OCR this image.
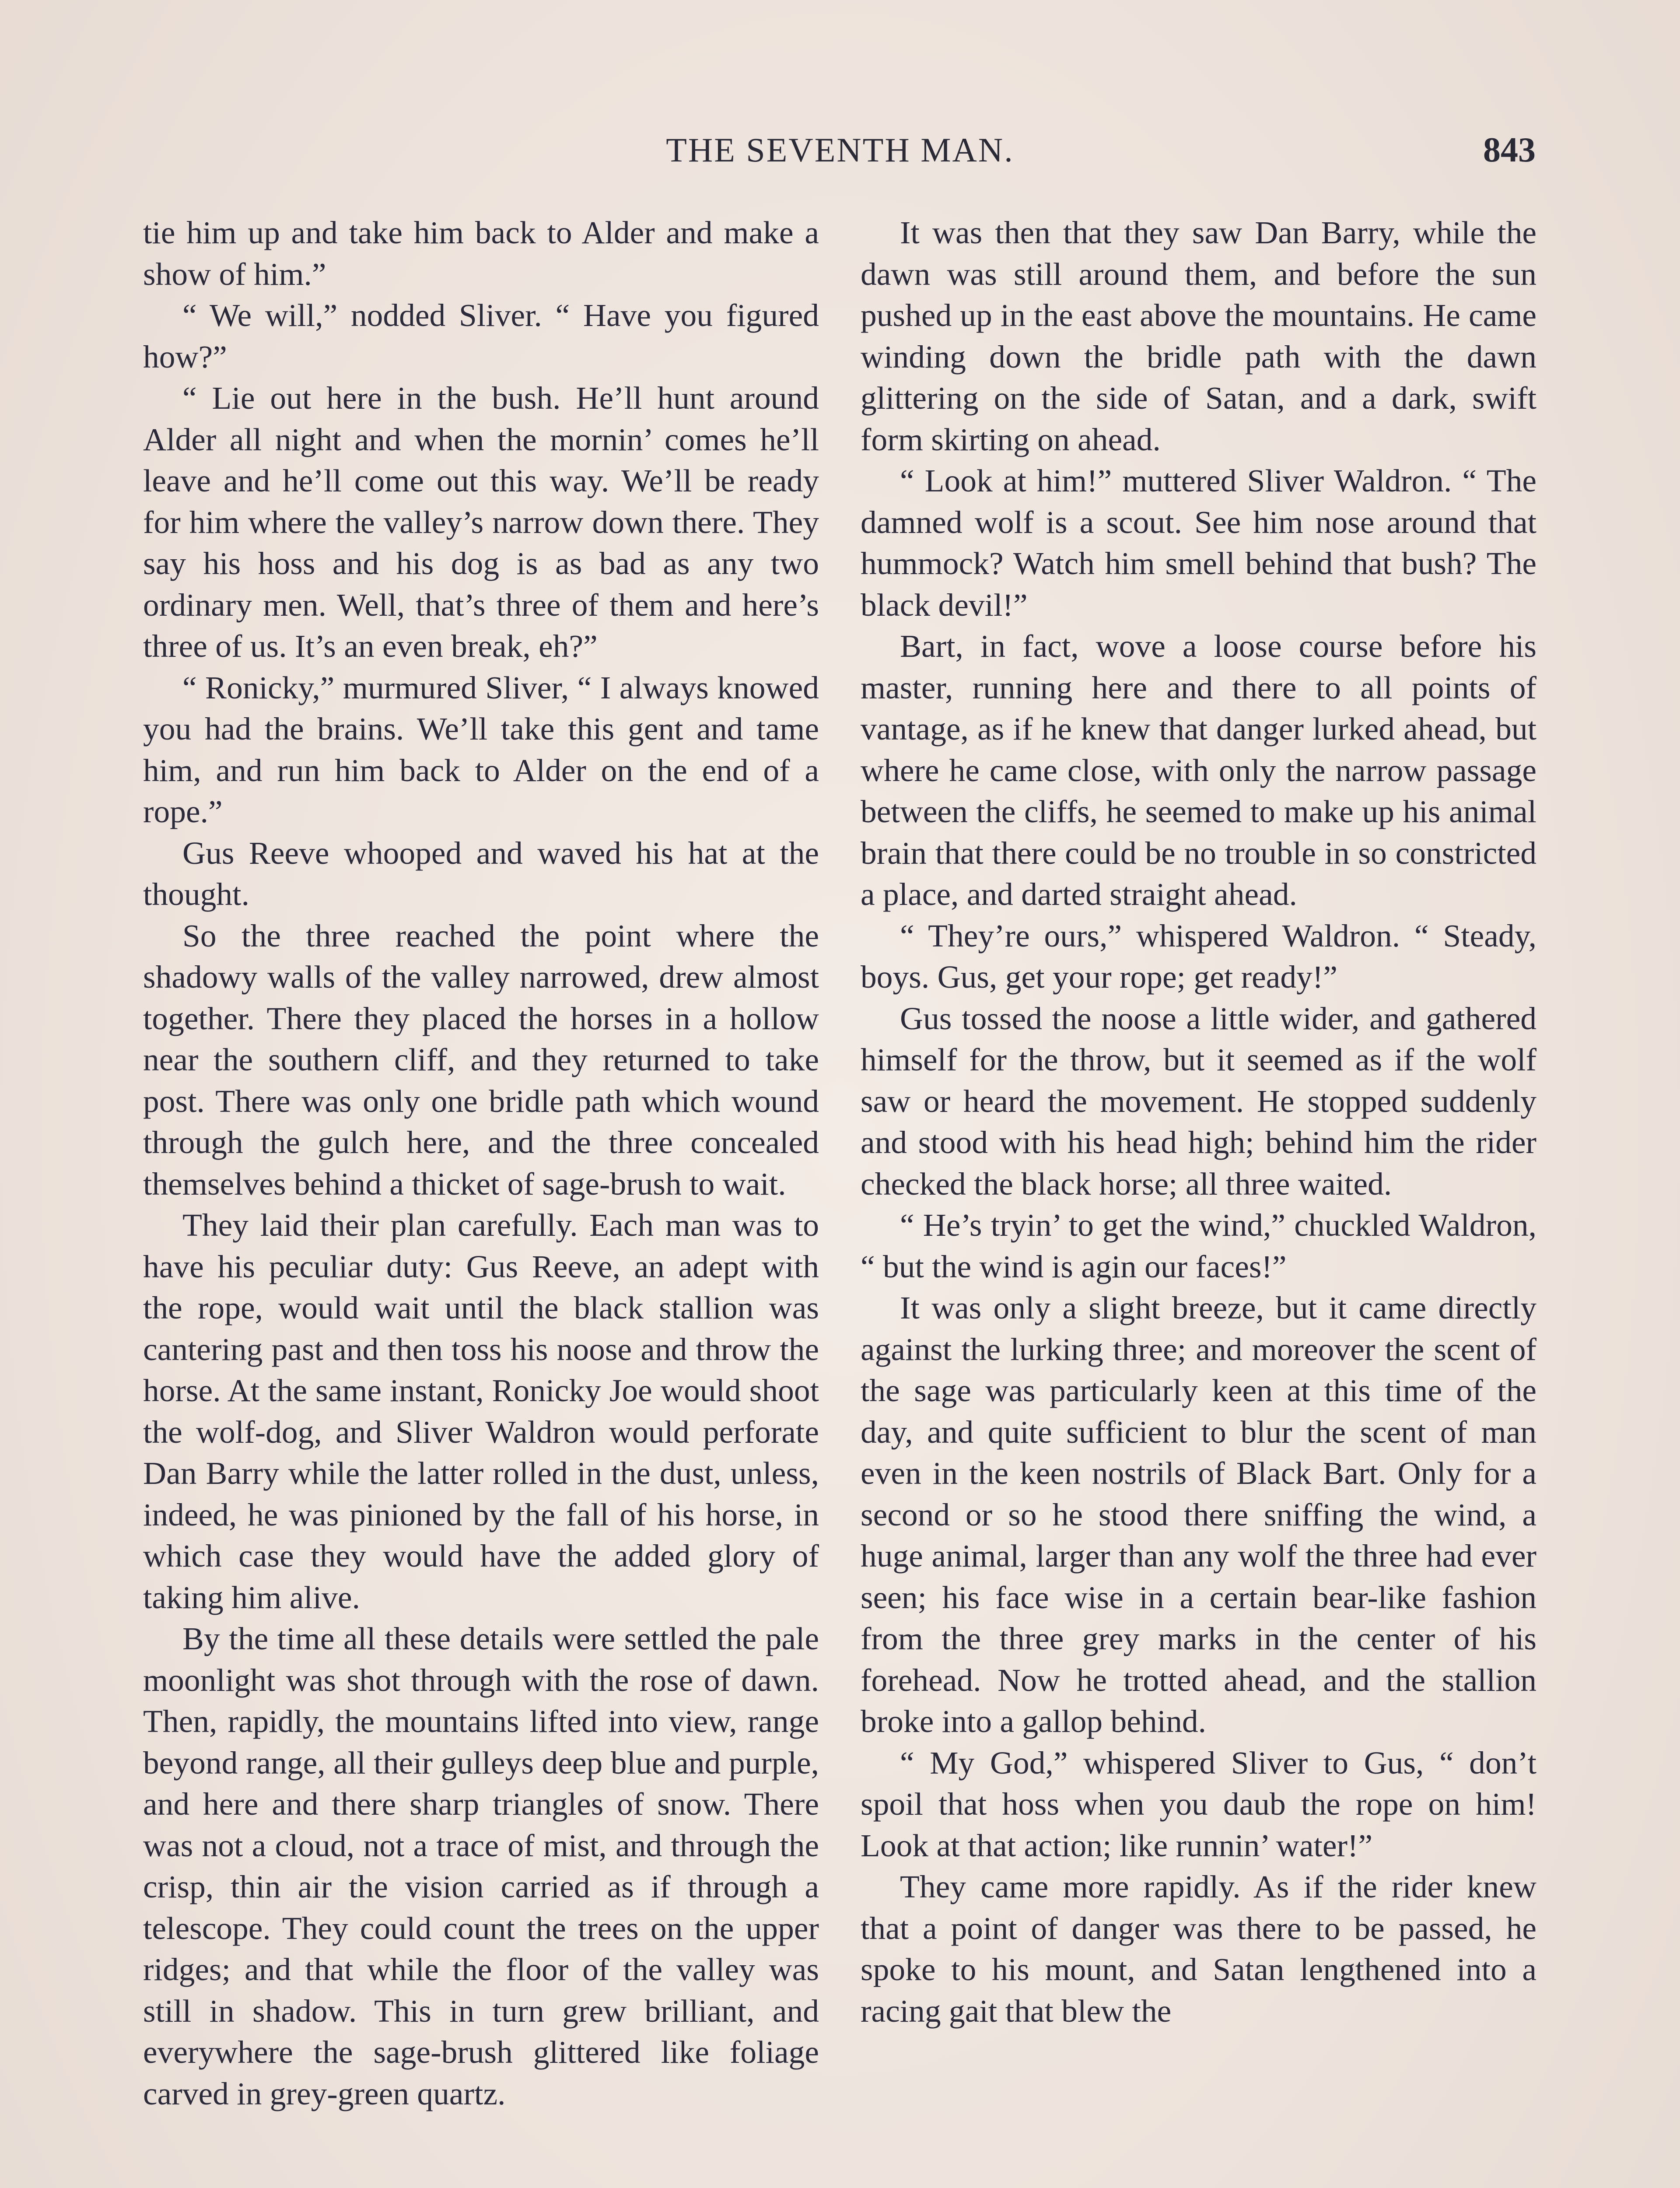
THE SEVENTH MAN.	843

tie him up and take him back to Alder and make a show of him.”

“ We will,” nodded Sliver. “ Have you figured how?”

“ Lie out here in the bush. He’ll hunt around Alder all night and when the mornin’ comes he’ll leave and he’ll come out this way. We’ll be ready for him where the valley’s narrow down there. They say his hoss and his dog is as bad as any two ordinary men. Well, that’s three of them and here’s three of us. It’s an even break, eh?”

“ Ronicky,” murmured Sliver, “ I always knowed you had the brains. We’ll take this gent and tame him, and run him back to Alder on the end of a rope.”

Gus Reeve whooped and waved his hat at the thought.

So the three reached the point where the shadowy walls of the valley narrowed, drew almost together. There they placed the horses in a hollow near the southern cliff, and they returned to take post. There was only one bridle path which wound through the gulch here, and the three concealed themselves behind a thicket of sage-brush to wait.

They laid their plan carefully. Each man was to have his peculiar duty: Gus Reeve, an adept with the rope, would wait until the black stallion was cantering past and then toss his noose and throw the horse. At the same instant, Ronicky Joe would shoot the wolf-dog, and Sliver Waldron would perforate Dan Barry while the latter rolled in the dust, unless, indeed, he was pinioned by the fall of his horse, in which case they would have the added glory of taking him alive.

By the time all these details were settled the pale moonlight was shot through with the rose of dawn. Then, rapidly, the mountains lifted into view, range beyond range, all their gulleys deep blue and purple, and here and there sharp triangles of snow. There was not a cloud, not a trace of mist, and through the crisp, thin air the vision carried as if through a telescope. They could count the trees on the upper ridges; and that while the floor of the valley was still in shadow. This in turn grew brilliant, and everywhere the sage-brush glittered like foliage carved in grey-green quartz.

It was then that they saw Dan Barry, while the dawn was still around them, and before the sun pushed up in the east above the mountains. He came winding down the bridle path with the dawn glittering on the side of Satan, and a dark, swift form skirting on ahead.

“ Look at him!” muttered Sliver Waldron. “ The damned wolf is a scout. See him nose around that hummock? Watch him smell behind that bush? The black devil!”

Bart, in fact, wove a loose course before his master, running here and there to all points of vantage, as if he knew that danger lurked ahead, but where he came close, with only the narrow passage between the cliffs, he seemed to make up his animal brain that there could be no trouble in so constricted a place, and darted straight ahead.

“ They’re ours,” whispered Waldron. “ Steady, boys. Gus, get your rope; get ready!”

Gus tossed the noose a little wider, and gathered himself for the throw, but it seemed as if the wolf saw or heard the movement. He stopped suddenly and stood with his head high; behind him the rider checked the black horse; all three waited.

“ He’s tryin’ to get the wind,” chuckled Waldron, “ but the wind is agin our faces!”

It was only a slight breeze, but it came directly against the lurking three; and moreover the scent of the sage was particularly keen at this time of the day, and quite sufficient to blur the scent of man even in the keen nostrils of Black Bart. Only for a second or so he stood there sniffing the wind, a huge animal, larger than any wolf the three had ever seen; his face wise in a certain bear-like fashion from the three grey marks in the center of his forehead. Now he trotted ahead, and the stallion broke into a gallop behind.

“ My God,” whispered Sliver to Gus, “ don’t spoil that hoss when you daub the rope on him! Look at that action; like runnin’ water!”

They came more rapidly. As if the rider knew that a point of danger was there to be passed, he spoke to his mount, and Satan lengthened into a racing gait that blew the
